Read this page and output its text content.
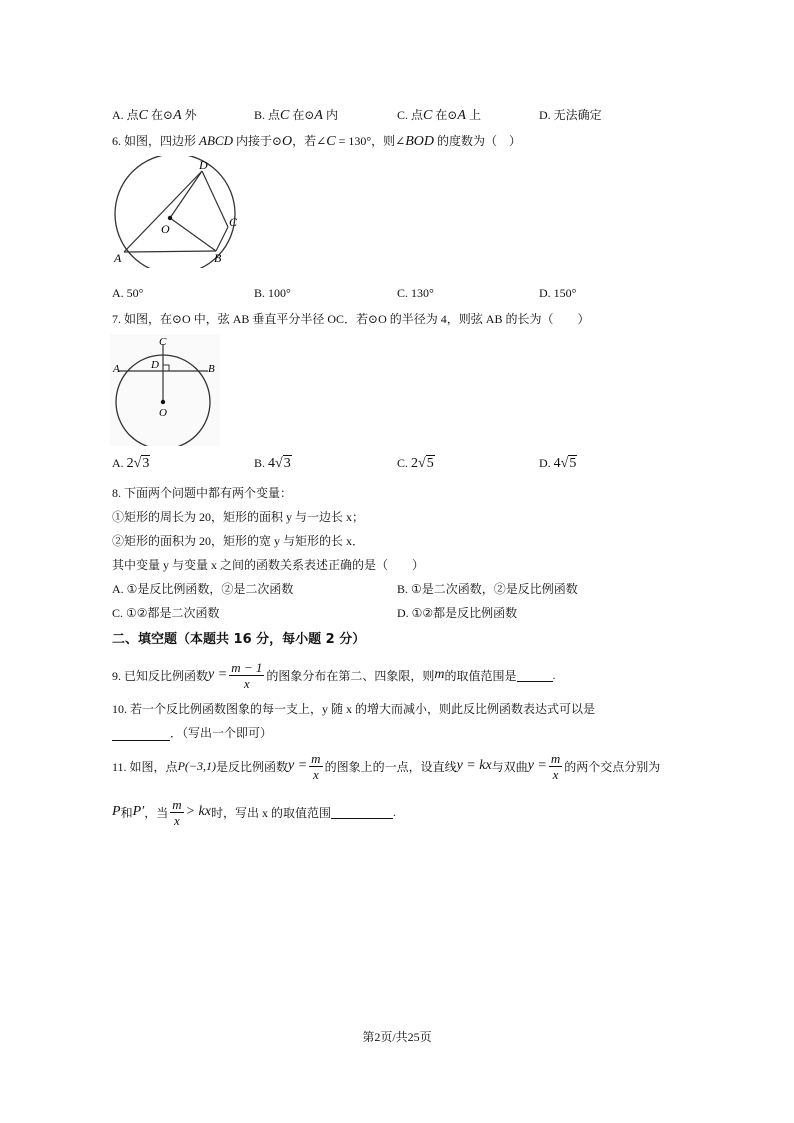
A. 点C 在⊙A 外	B. 点C 在⊙A 内	C. 点C 在⊙A 上	D. 无法确定
6. 如图，四边形 ABCD 内接于⊙O，若∠C = 130°，则∠BOD 的度数为（　）
D
C
O
A	B
A. 50°	B. 100°	C. 130°	D. 150°
7. 如图，在⊙O 中，弦 AB 垂直平分半径 OC．若⊙O 的半径为 4，则弦 AB 的长为（　　）
C
A	D	B
O
A. 2√3	B. 4√3	C. 2√5	D. 4√5
8. 下面两个问题中都有两个变量：
①矩形的周长为 20，矩形的面积 y 与一边长 x；
②矩形的面积为 20，矩形的宽 y 与矩形的长 x．
其中变量 y 与变量 x 之间的函数关系表述正确的是（　　）
A. ①是反比例函数，②是二次函数	B. ①是二次函数，②是反比例函数
C. ①②都是二次函数	D. ①②都是反比例函数
二、填空题（本题共 16 分，每小题 2 分）
9. 已知反比例函数 $y = \frac{m - 1}{x}$ 的图象分布在第二、四象限，则 m 的取值范围是	.
10. 若一个反比例函数图象的每一支上，y 随 x 的增大而减小，则此反比例函数表达式可以是
．（写出一个即可）
11. 如图，点 P(−3,1) 是反比例函数 $y = \frac{m}{x}$ 的图象上的一点，设直线 y = kx 与双曲 $y = \frac{m}{x}$ 的两个交点分别为
P 和 P′ ，当 $\frac{m}{x}$ > kx 时，写出 x 的取值范围	.
第2页/共25页
